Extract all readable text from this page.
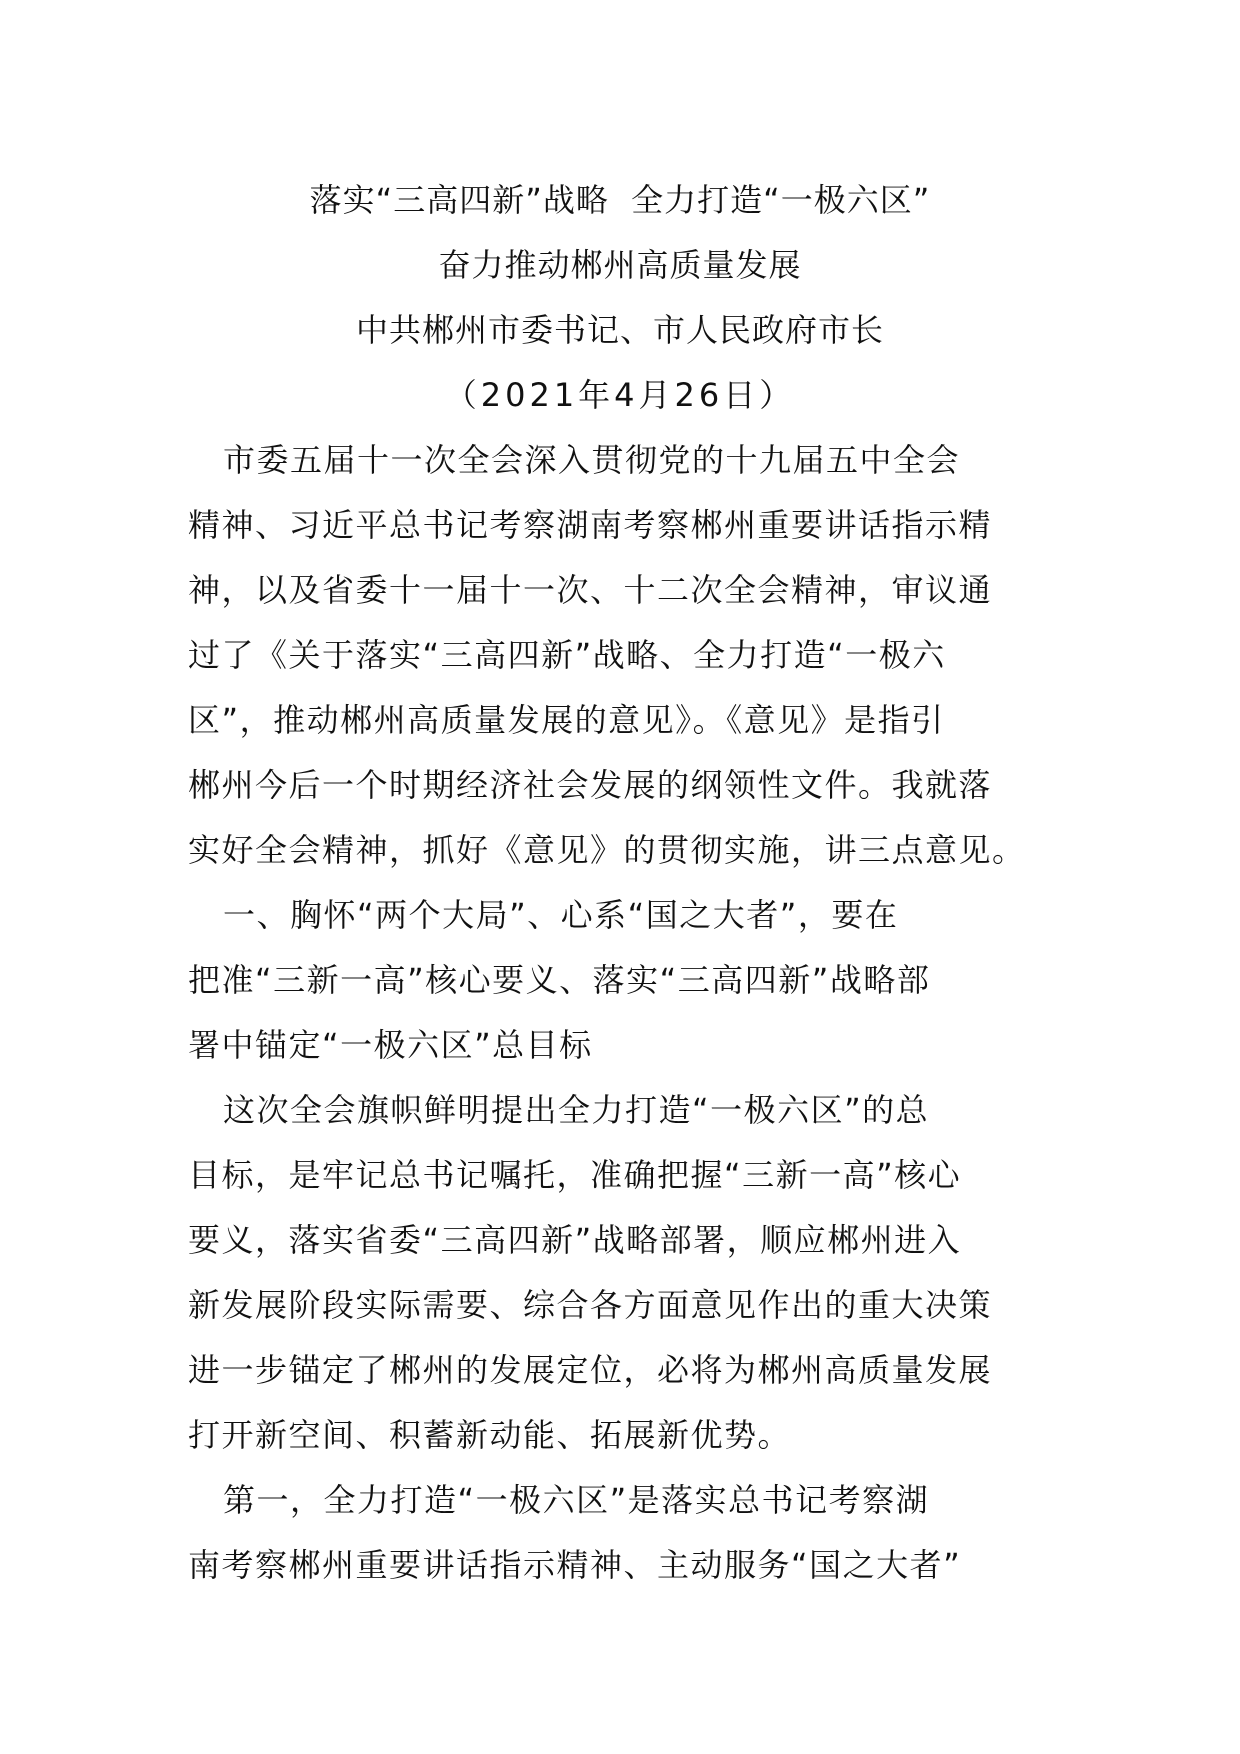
落实“三高四新”战略  全力打造“一极六区”
奋力推动郴州高质量发展
中共郴州市委书记、市人民政府市长
（2021年4月26日）
市委五届十一次全会深入贯彻党的十九届五中全会
精神、习近平总书记考察湖南考察郴州重要讲话指示精
神，以及省委十一届十一次、十二次全会精神，审议通
过了《关于落实“三高四新”战略、全力打造“一极六
区”，推动郴州高质量发展的意见》。《意见》是指引
郴州今后一个时期经济社会发展的纲领性文件。我就落
实好全会精神，抓好《意见》的贯彻实施，讲三点意见。
一、胸怀“两个大局”、心系“国之大者”，要在
把准“三新一高”核心要义、落实“三高四新”战略部
署中锚定“一极六区”总目标
这次全会旗帜鲜明提出全力打造“一极六区”的总
目标，是牢记总书记嘱托，准确把握“三新一高”核心
要义，落实省委“三高四新”战略部署，顺应郴州进入
新发展阶段实际需要、综合各方面意见作出的重大决策
进一步锚定了郴州的发展定位，必将为郴州高质量发展
打开新空间、积蓄新动能、拓展新优势。
第一，全力打造“一极六区”是落实总书记考察湖
南考察郴州重要讲话指示精神、主动服务“国之大者”
